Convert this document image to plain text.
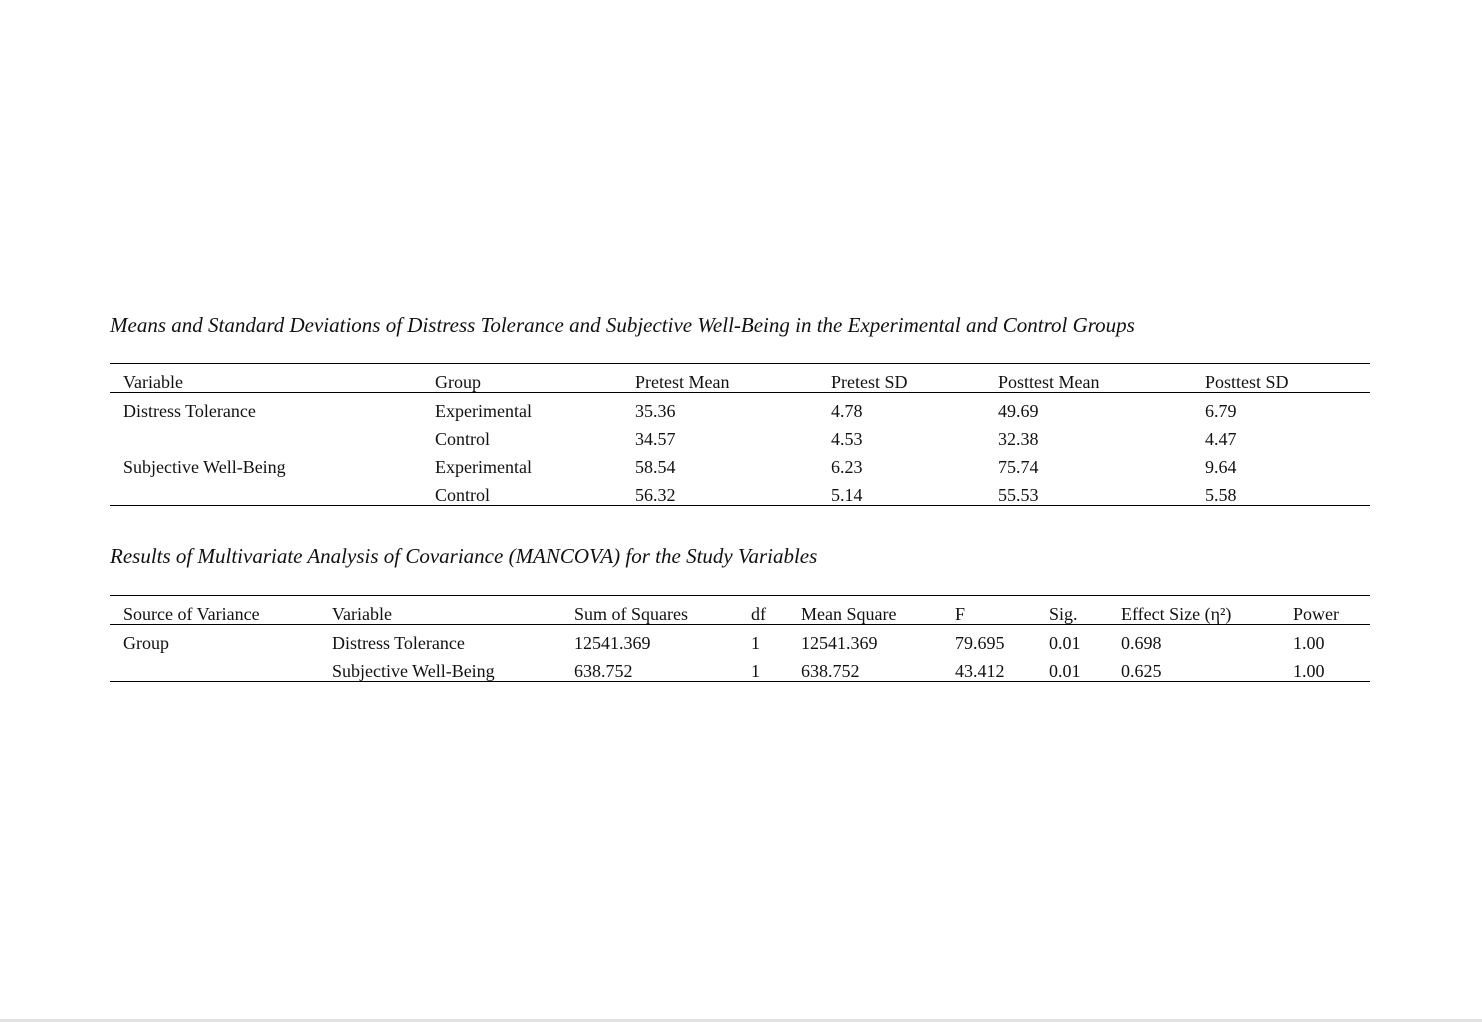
Means and Standard Deviations of Distress Tolerance and Subjective Well-Being in the Experimental and Control Groups
Variable	Group	Pretest Mean	Pretest SD	Posttest Mean	Posttest SD
Distress Tolerance	Experimental	35.36	4.78	49.69	6.79
	Control	34.57	4.53	32.38	4.47
Subjective Well-Being	Experimental	58.54	6.23	75.74	9.64
	Control	56.32	5.14	55.53	5.58
Results of Multivariate Analysis of Covariance (MANCOVA) for the Study Variables
Source of Variance	Variable	Sum of Squares	df	Mean Square	F	Sig.	Effect Size (η²)	Power
Group	Distress Tolerance	12541.369	1	12541.369	79.695	0.01	0.698	1.00
	Subjective Well-Being	638.752	1	638.752	43.412	0.01	0.625	1.00
